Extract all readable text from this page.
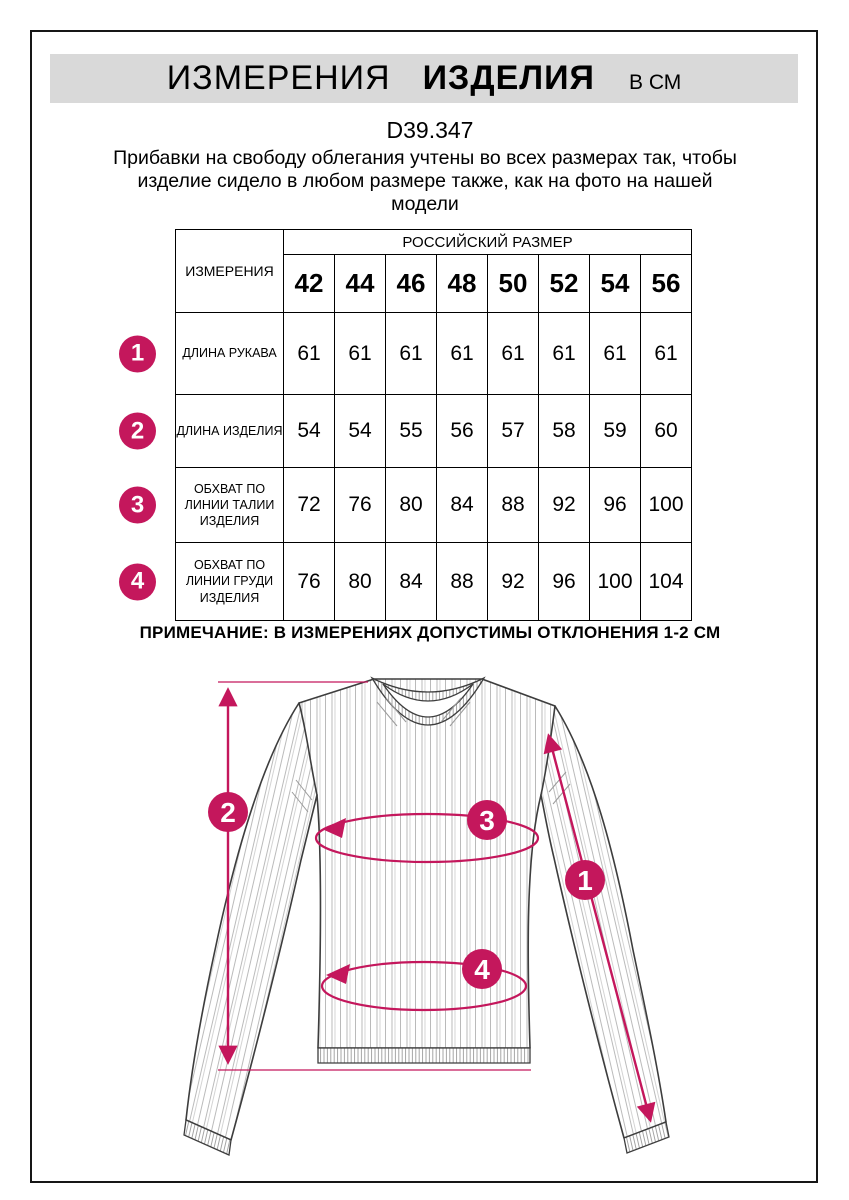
2
1
3
4
ИЗМЕРЕНИЯ ИЗДЕЛИЯ В СМ
D39.347
Прибавки на свободу облегания учтены во всех размерах так, чтобы
изделие сидело в любом размере также, как на фото на нашей
модели
ИЗМЕРЕНИЯ	РОССИЙСКИЙ РАЗМЕР							
	42	44	46	48	50	52	54	56

1 ДЛИНА РУКАВА	61	61	61	61	61	61	61	61

2 ДЛИНА ИЗДЕЛИЯ	54	54	55	56	57	58	59	60

3
ОБХВАТ ПО ЛИНИИ ТАЛИИ ИЗДЕЛИЯ	72	76	80	84	88	92	96	100

4
ОБХВАТ ПО ЛИНИИ ГРУДИ ИЗДЕЛИЯ	76	80	84	88	92	96	100	104
ПРИМЕЧАНИЕ: В ИЗМЕРЕНИЯХ ДОПУСТИМЫ ОТКЛОНЕНИЯ 1-2 СМ
